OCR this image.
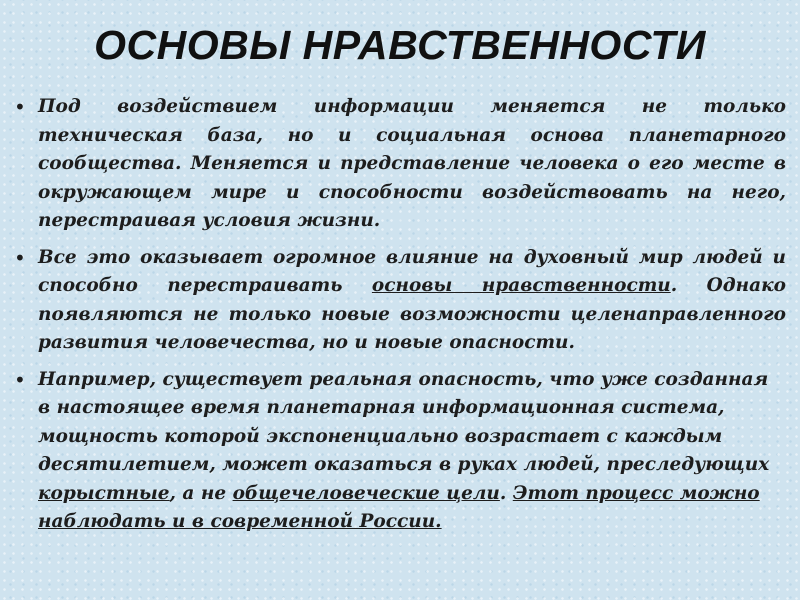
ОСНОВЫ НРАВСТВЕННОСТИ
• Под воздействием информации меняется не только техническая база, но и социальная основа планетарного сообщества. Меняется и представление человека о его месте в окружающем мире и способности воздействовать на него, перестраивая условия жизни.
• Все это оказывает огромное влияние на духовный мир людей и способно перестраивать основы нравственности. Однако появляются не только новые возможности целенаправленного развития человечества, но и новые опасности.
• Например, существует реальная опасность, что уже созданная в настоящее время планетарная информационная система, мощность которой экспоненциально возрастает с каждым десятилетием, может оказаться в руках людей, преследующих корыстные, а не общечеловеческие цели. Этот процесс можно наблюдать и в современной России.
